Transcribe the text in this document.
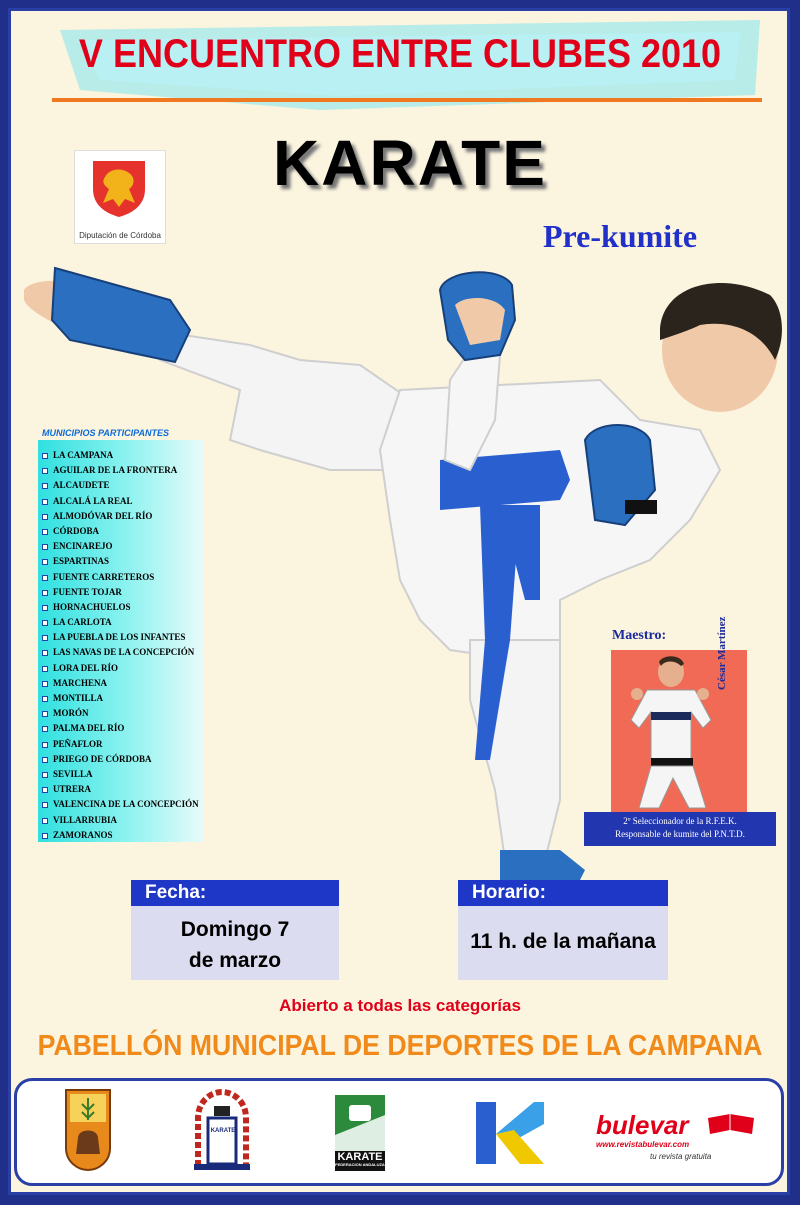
V ENCUENTRO ENTRE CLUBES 2010
KARATE
Diputación de Córdoba	Pre-kumite
MUNICIPIOS PARTICIPANTES
LA CAMPANA
AGUILAR DE LA FRONTERA
ALCAUDETE
ALCALÁ LA REAL
ALMODÓVAR DEL RÍO
CÓRDOBA
ENCINAREJO
ESPARTINAS
FUENTE CARRETEROS
FUENTE TOJAR
HORNACHUELOS
LA CARLOTA
LA PUEBLA DE LOS INFANTES
LAS NAVAS DE LA CONCEPCIÓN
LORA DEL RÍO
MARCHENA
MONTILLA
MORÓN
PALMA DEL RÍO
PEÑAFLOR
PRIEGO DE CÓRDOBA
SEVILLA
UTRERA
VALENCINA DE LA CONCEPCIÓN
VILLARRUBIA
ZAMORANOS
Maestro:	César Martínez
2º Seleccionador de la R.F.E.K.
Responsable de kumite del P.N.T.D.
Fecha:
Domingo 7
de marzo
Horario:
11 h. de la mañana
Abierto a todas las categorías
PABELLÓN MUNICIPAL DE DEPORTES DE LA CAMPANA
KARATE
KARATE
FEDERACION ANDALUZA
bulevar
www.revistabulevar.com
tu revista gratuita
